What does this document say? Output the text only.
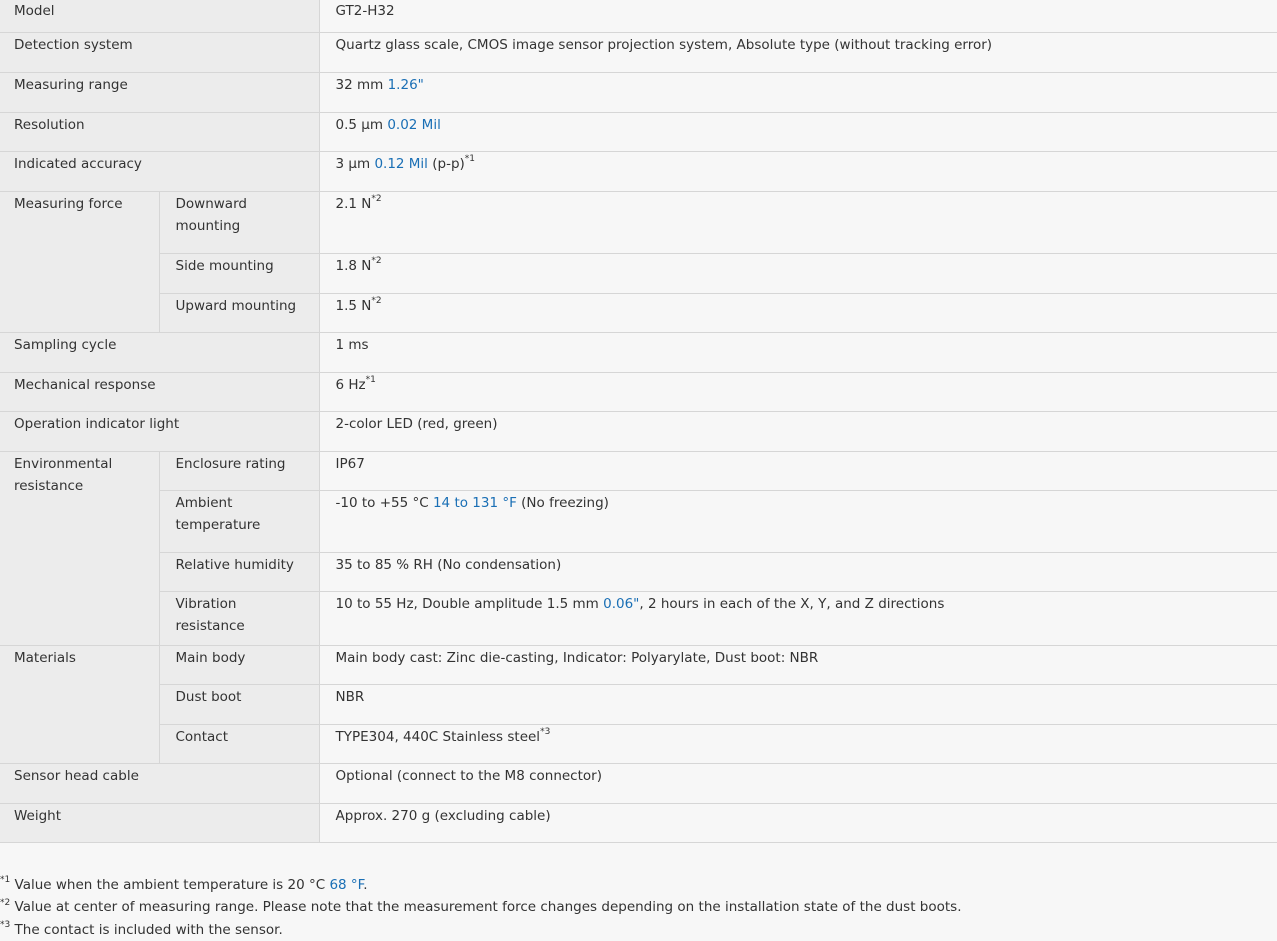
Model		GT2-H32
Detection system		Quartz glass scale, CMOS image sensor projection system, Absolute type (without tracking error)
Measuring range		32 mm 1.26"
Resolution		0.5 μm 0.02 Mil
Indicated accuracy		3 μm 0.12 Mil $(p-p)^{*1}$
Measuring force	Downward mounting	2.1 $N^{*2}$
	Side mounting	1.8 $N^{*2}$
	Upward mounting	1.5 $N^{*2}$
Sampling cycle		1 ms
Mechanical response		6 Hz$^{*1}$
Operation indicator light		2-color LED (red, green)
Environmental resistance	Enclosure rating	IP67
	Ambient temperature	-10 to +55 °C 14 to 131 °F (No freezing)
	Relative humidity	35 to 85 % RH (No condensation)
	Vibration resistance	10 to 55 Hz, Double amplitude 1.5 mm 0.06", 2 hours in each of the X, Y, and Z directions
Materials	Main body	Main body cast: Zinc die-casting, Indicator: Polyarylate, Dust boot: NBR
	Dust boot	NBR
	Contact	TYPE304, 440C Stainless steel$^{*3}$
Sensor head cable		Optional (connect to the M8 connector)
Weight		Approx. 270 g (excluding cable)
$^{*1}$ Value when the ambient temperature is 20 °C 68 °F.
$^{*2}$ Value at center of measuring range. Please note that the measurement force changes depending on the installation state of the dust boots.
$^{*3}$ The contact is included with the sensor.
